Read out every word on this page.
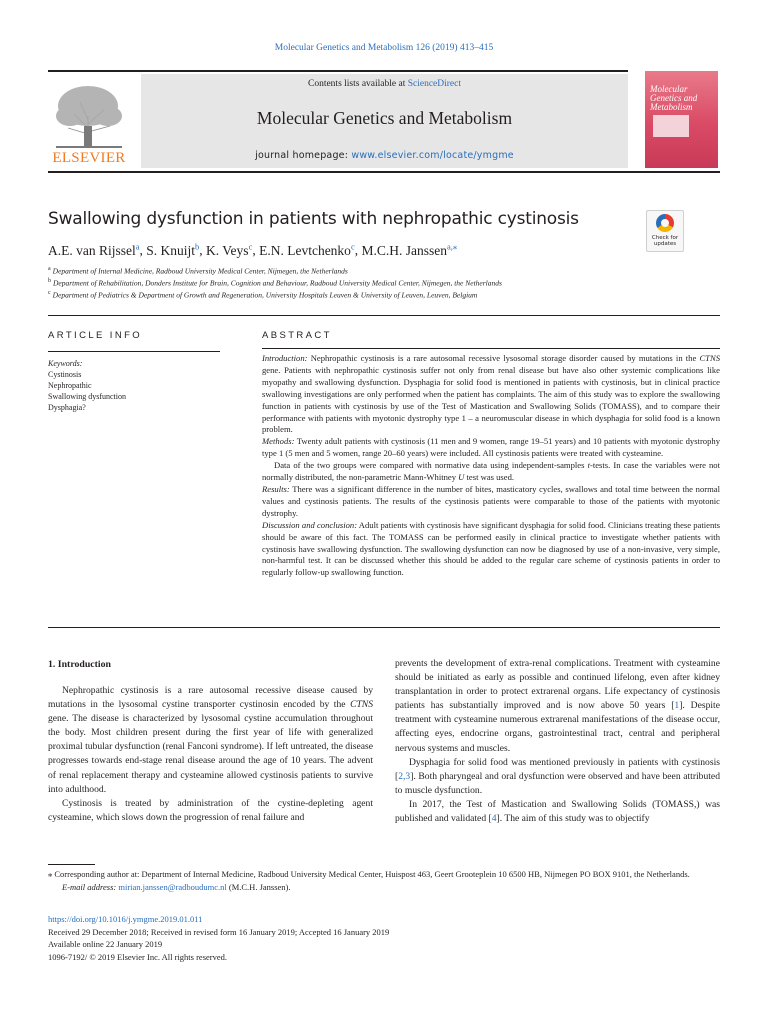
Molecular Genetics and Metabolism 126 (2019) 413–415
ELSEVIER
Contents lists available at ScienceDirect
Molecular Genetics and Metabolism
journal homepage: www.elsevier.com/locate/ymgme
Molecular Genetics and Metabolism
Swallowing dysfunction in patients with nephropathic cystinosis
Check for updates
A.E. van Rijssel$^a$, S. Knuijt$^b$, K. Veys$^c$, E.N. Levtchenko$^c$, M.C.H. Janssen$^{a,⁎}$
$^a$ Department of Internal Medicine, Radboud University Medical Center, Nijmegen, the Netherlands
$^b$ Department of Rehabilitation, Donders Institute for Brain, Cognition and Behaviour, Radboud University Medical Center, Nijmegen, the Netherlands
$^c$ Department of Pediatrics & Department of Growth and Regeneration, University Hospitals Leuven & University of Leuven, Leuven, Belgium
ARTICLE INFO	ABSTRACT
Keywords:
Cystinosis
Nephropathic
Swallowing dysfunction
Dysphagia?

Introduction: Nephropathic cystinosis is a rare autosomal recessive lysosomal storage disorder caused by mutations in the CTNS gene. Patients with nephropathic cystinosis suffer not only from renal disease but have also other systemic complications like myopathy and swallowing dysfunction. Dysphagia for solid food is mentioned in patients with cystinosis, but in clinical practice swallowing investigations are only performed when the patient has complaints. The aim of this study was to explore the swallowing function in patients with cystinosis by use of the Test of Mastication and Swallowing Solids (TOMASS), and to compare their performance with patients with myotonic dystrophy type 1 – a neuromuscular disease in which dysphagia for solid food is a known problem.

Methods: Twenty adult patients with cystinosis (11 men and 9 women, range 19–51 years) and 10 patients with myotonic dystrophy type 1 (5 men and 5 women, range 20–60 years) were included. All cystinosis patients were treated with cysteamine.

Data of the two groups were compared with normative data using independent-samples t-tests. In case the variables were not normally distributed, the non-parametric Mann-Whitney U test was used.

Results: There was a significant difference in the number of bites, masticatory cycles, swallows and total time between the normal values and cystinosis patients. The results of the cystinosis patients were comparable to those of the patients with myotonic dystrophy.

Discussion and conclusion: Adult patients with cystinosis have significant dysphagia for solid food. Clinicians treating these patients should be aware of this fact. The TOMASS can be performed easily in clinical practice to investigate whether patients with cystinosis have swallowing dysfunction. The swallowing dysfunction can now be diagnosed by use of a non-invasive, very simple, non-harmful test. It can be discussed whether this should be added to the regular care scheme of cystinosis patients in order to regularly follow-up swallowing function.

1. Introduction

Nephropathic cystinosis is a rare autosomal recessive disease caused by mutations in the lysosomal cystine transporter cystinosin encoded by the CTNS gene. The disease is characterized by lysosomal cystine accumulation throughout the body. Most children present during the first year of life with generalized proximal tubular dysfunction (renal Fanconi syndrome). If left untreated, the disease progresses towards end-stage renal disease around the age of 10 years. The advent of renal replacement therapy and cysteamine allowed cystinosis patients to survive into adulthood.

Cystinosis is treated by administration of the cystine-depleting agent cysteamine, which slows down the progression of renal failure and

prevents the development of extra-renal complications. Treatment with cysteamine should be initiated as early as possible and continued lifelong, even after kidney transplantation in order to protect extrarenal organs. Life expectancy of cystinosis patients has substantially improved and is now above 50 years [1]. Despite treatment with cysteamine numerous extrarenal manifestations of the disease occur, affecting eyes, endocrine organs, gastrointestinal tract, central and peripheral nervous systems and muscles.

Dysphagia for solid food was mentioned previously in patients with cystinosis [2,3]. Both pharyngeal and oral dysfunction were observed and have been attributed to muscle dysfunction.

In 2017, the Test of Mastication and Swallowing Solids (TOMASS,) was published and validated [4]. The aim of this study was to objectify

⁎ Corresponding author at: Department of Internal Medicine, Radboud University Medical Center, Huispost 463, Geert Grooteplein 10 6500 HB, Nijmegen PO BOX 9101, the Netherlands.

E-mail address: mirian.janssen@radboudumc.nl (M.C.H. Janssen).

https://doi.org/10.1016/j.ymgme.2019.01.011

Received 29 December 2018; Received in revised form 16 January 2019; Accepted 16 January 2019

Available online 22 January 2019

1096-7192/ © 2019 Elsevier Inc. All rights reserved.
